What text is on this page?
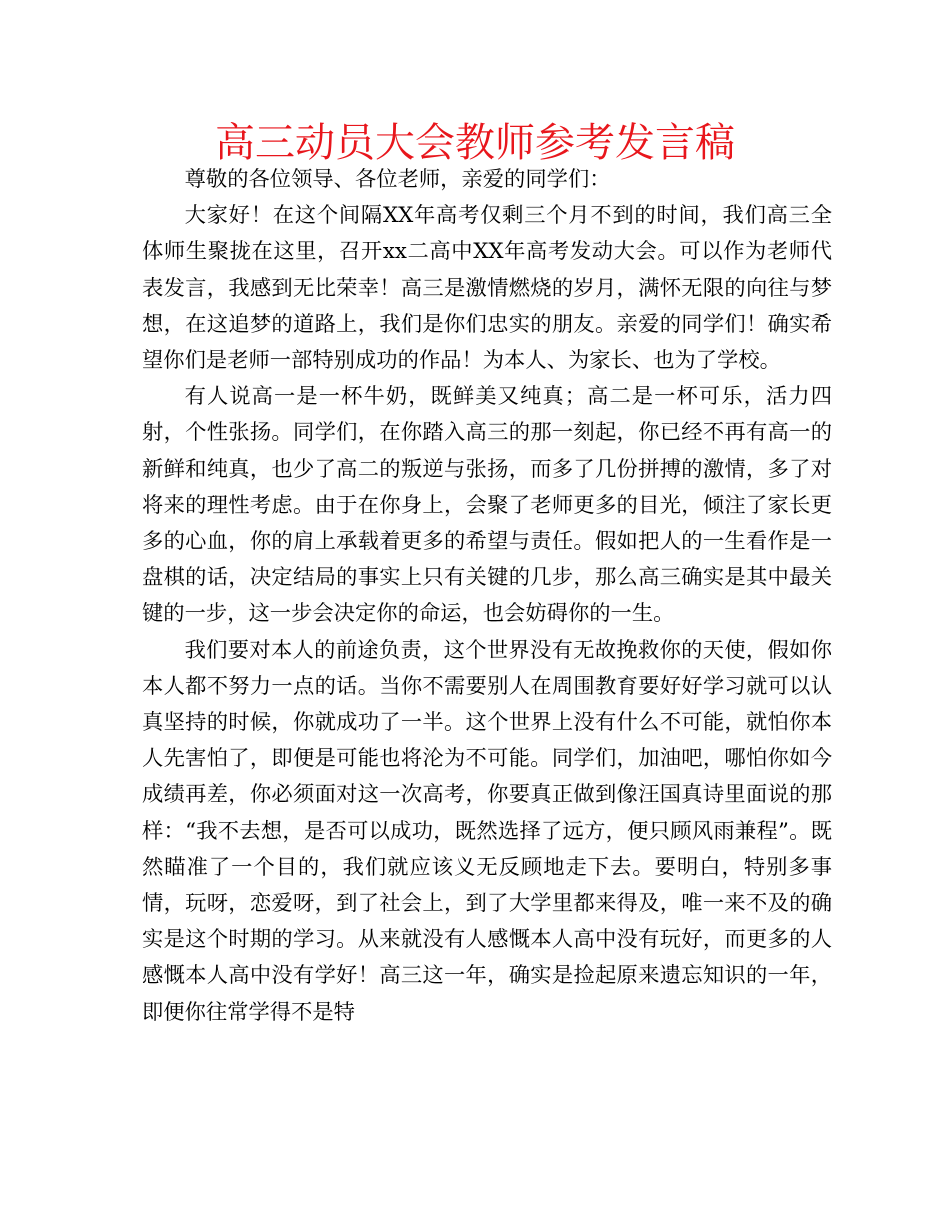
高三动员大会教师参考发言稿

尊敬的各位领导、各位老师，亲爱的同学们：

大家好！在这个间隔XX年高考仅剩三个月不到的时间，我们高三全体师生聚拢在这里，召开xx二高中XX年高考发动大会。可以作为老师代表发言，我感到无比荣幸！高三是激情燃烧的岁月，满怀无限的向往与梦想，在这追梦的道路上，我们是你们忠实的朋友。亲爱的同学们！确实希望你们是老师一部特别成功的作品！为本人、为家长、也为了学校。

有人说高一是一杯牛奶，既鲜美又纯真；高二是一杯可乐，活力四射，个性张扬。同学们，在你踏入高三的那一刻起，你已经不再有高一的新鲜和纯真，也少了高二的叛逆与张扬，而多了几份拼搏的激情，多了对将来的理性考虑。由于在你身上，会聚了老师更多的目光，倾注了家长更多的心血，你的肩上承载着更多的希望与责任。假如把人的一生看作是一盘棋的话，决定结局的事实上只有关键的几步，那么高三确实是其中最关键的一步，这一步会决定你的命运，也会妨碍你的一生。

我们要对本人的前途负责，这个世界没有无故挽救你的天使，假如你本人都不努力一点的话。当你不需要别人在周围教育要好好学习就可以认真坚持的时候，你就成功了一半。这个世界上没有什么不可能，就怕你本人先害怕了，即便是可能也将沦为不可能。同学们，加油吧，哪怕你如今成绩再差，你必须面对这一次高考，你要真正做到像汪国真诗里面说的那样：“我不去想，是否可以成功，既然选择了远方，便只顾风雨兼程”。既然瞄准了一个目的，我们就应该义无反顾地走下去。要明白，特别多事情，玩呀，恋爱呀，到了社会上，到了大学里都来得及，唯一来不及的确实是这个时期的学习。从来就没有人感慨本人高中没有玩好，而更多的人感慨本人高中没有学好！高三这一年，确实是捡起原来遗忘知识的一年，即便你往常学得不是特
